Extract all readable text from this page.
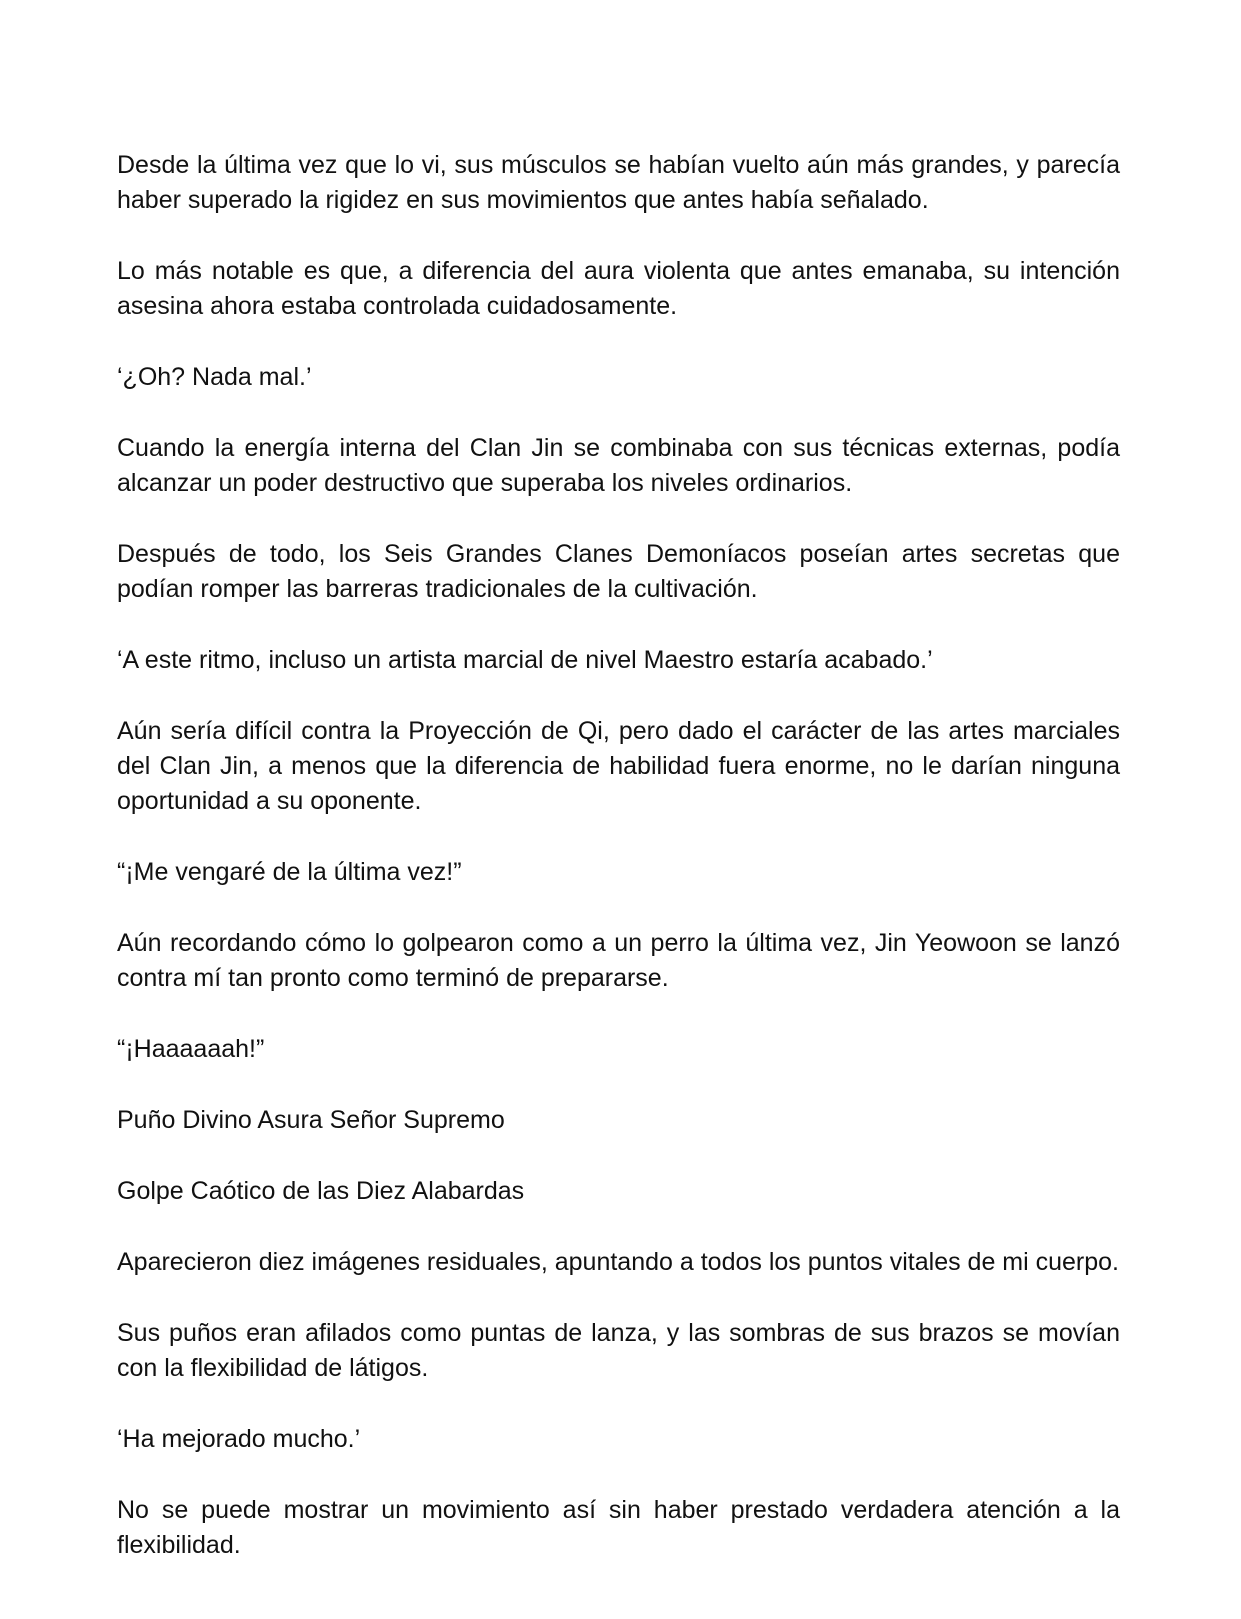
Desde la última vez que lo vi, sus músculos se habían vuelto aún más grandes, y parecía haber superado la rigidez en sus movimientos que antes había señalado.

Lo más notable es que, a diferencia del aura violenta que antes emanaba, su intención asesina ahora estaba controlada cuidadosamente.

‘¿Oh? Nada mal.’

Cuando la energía interna del Clan Jin se combinaba con sus técnicas externas, podía alcanzar un poder destructivo que superaba los niveles ordinarios.

Después de todo, los Seis Grandes Clanes Demoníacos poseían artes secretas que podían romper las barreras tradicionales de la cultivación.

‘A este ritmo, incluso un artista marcial de nivel Maestro estaría acabado.’

Aún sería difícil contra la Proyección de Qi, pero dado el carácter de las artes marciales del Clan Jin, a menos que la diferencia de habilidad fuera enorme, no le darían ninguna oportunidad a su oponente.

“¡Me vengaré de la última vez!”

Aún recordando cómo lo golpearon como a un perro la última vez, Jin Yeowoon se lanzó contra mí tan pronto como terminó de prepararse.

“¡Haaaaaah!”

Puño Divino Asura Señor Supremo

Golpe Caótico de las Diez Alabardas

Aparecieron diez imágenes residuales, apuntando a todos los puntos vitales de mi cuerpo.

Sus puños eran afilados como puntas de lanza, y las sombras de sus brazos se movían con la flexibilidad de látigos.

‘Ha mejorado mucho.’

No se puede mostrar un movimiento así sin haber prestado verdadera atención a la flexibilidad.
